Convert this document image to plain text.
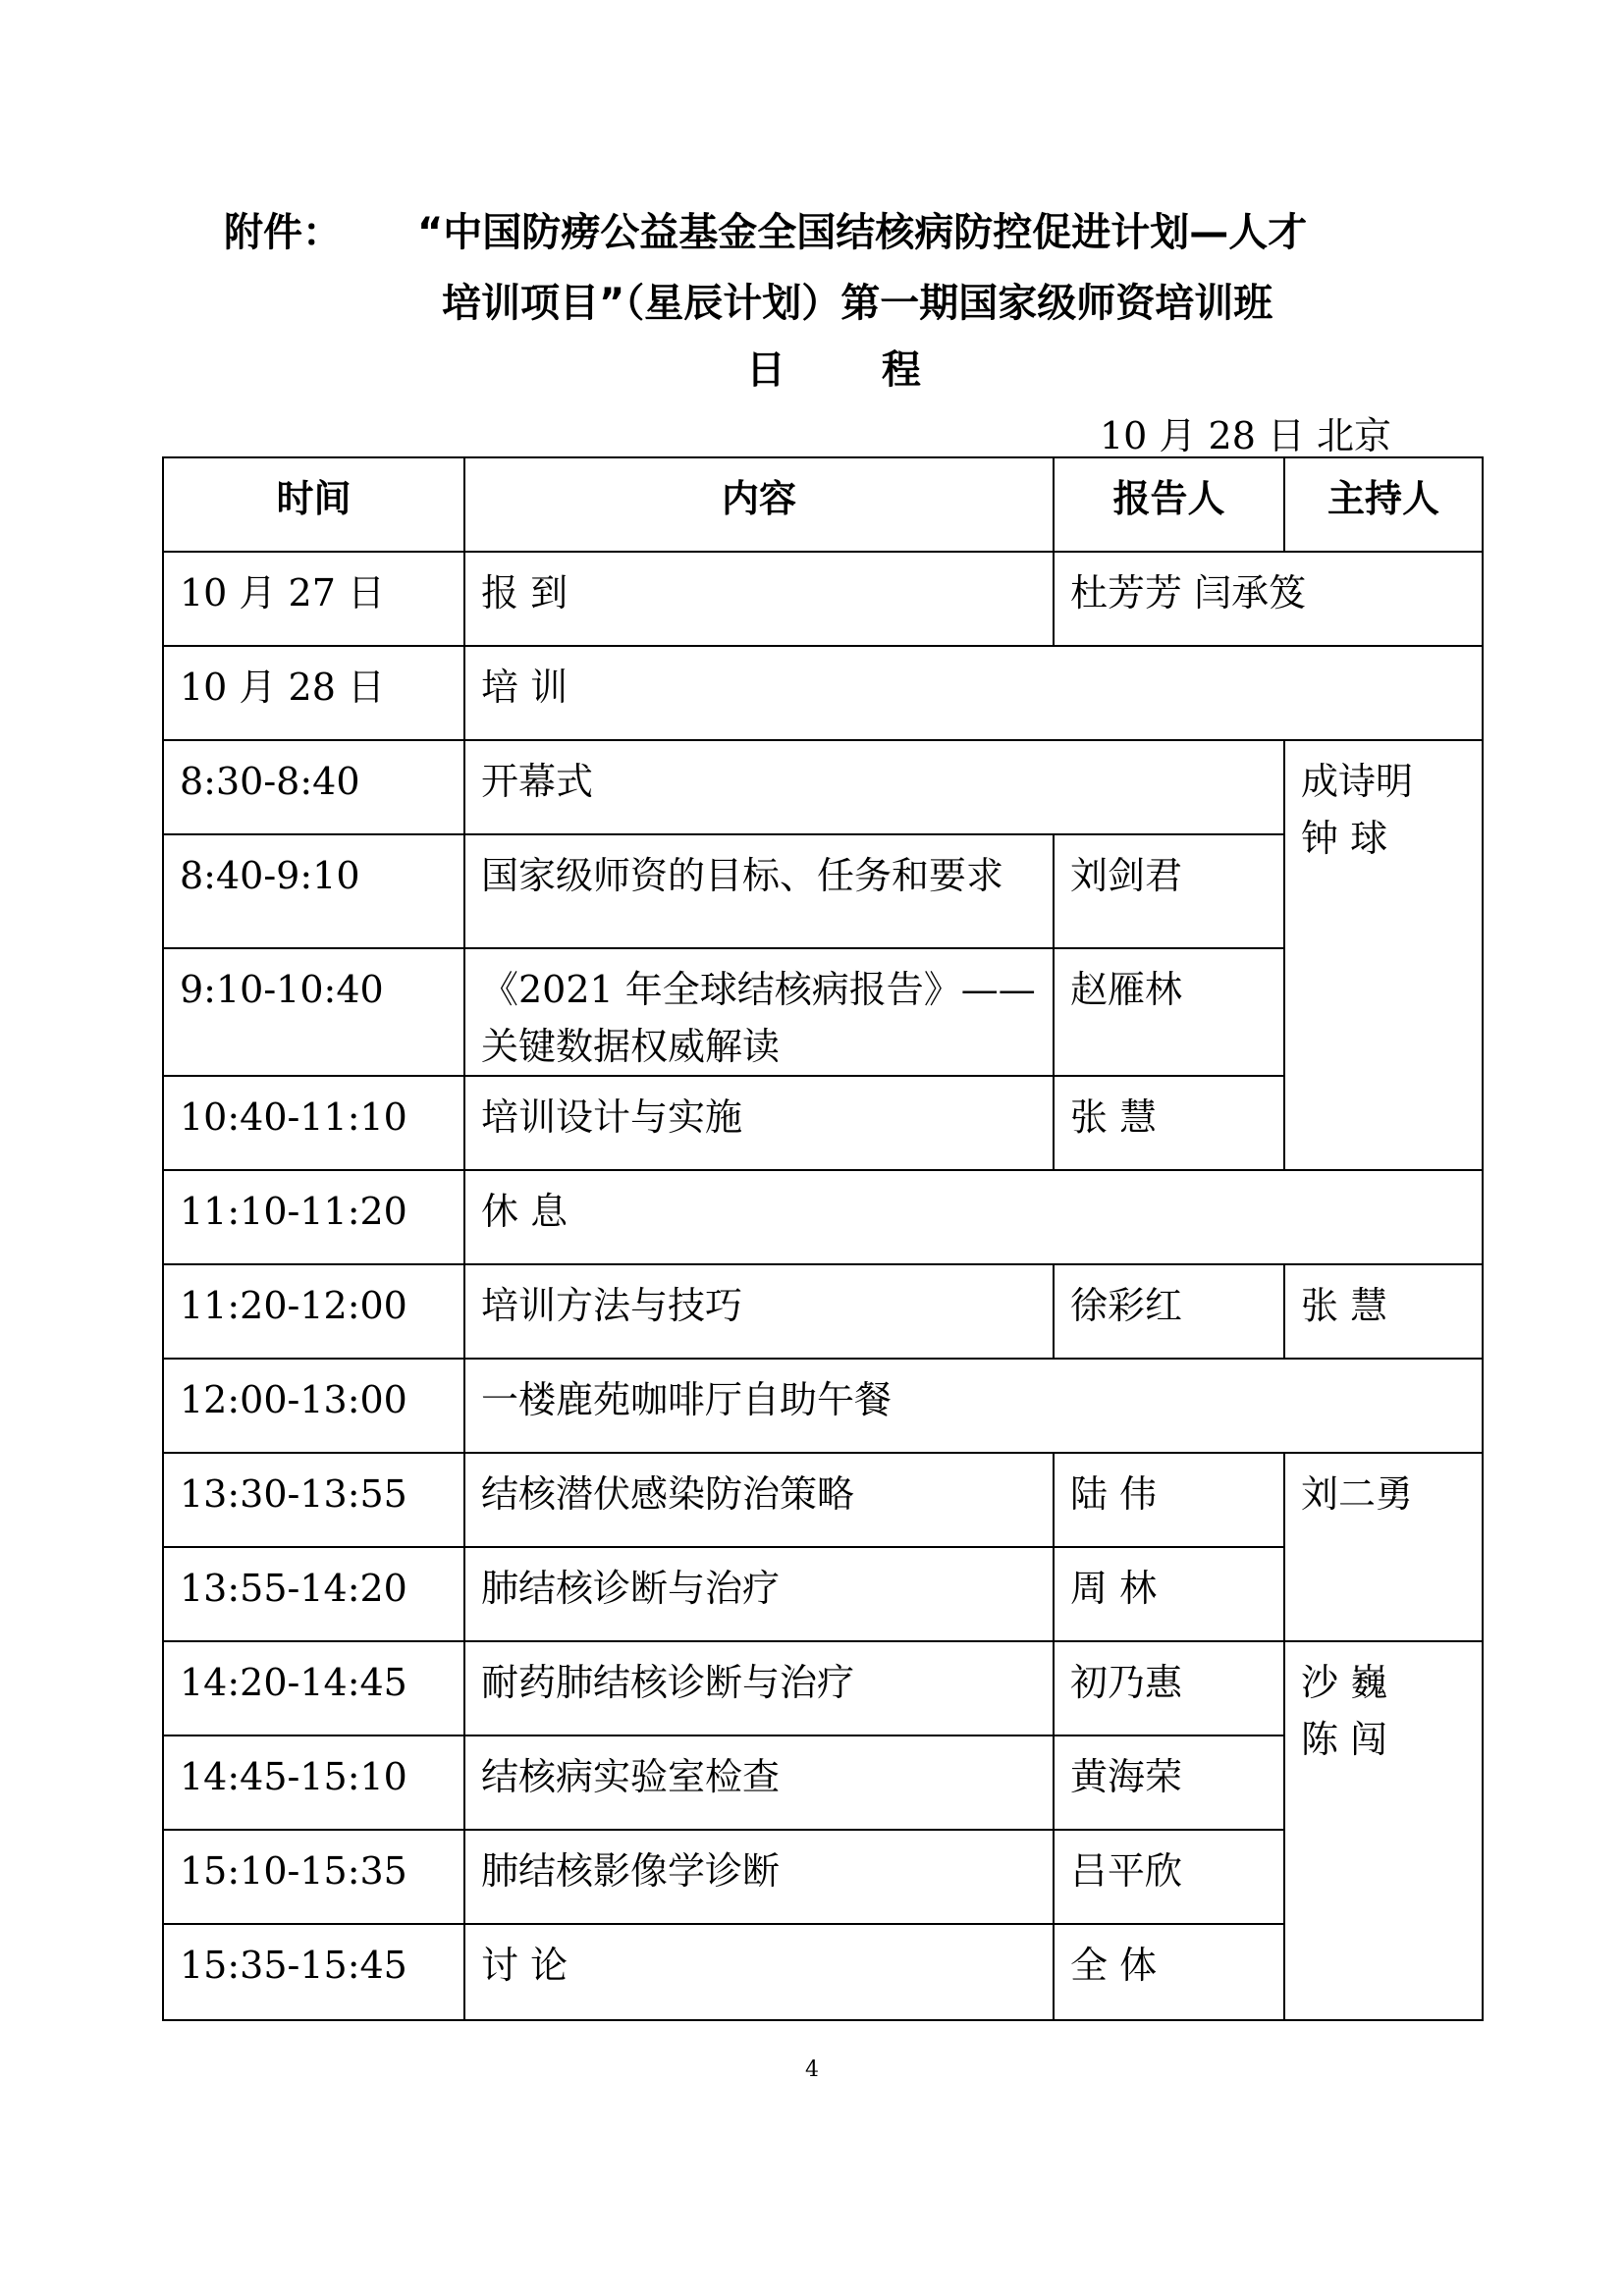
附件： “中国防痨公益基金全国结核病防控促进计划—人才
培训项目”（星辰计划）第一期国家级师资培训班
日 程
10 月 28 日 北京
时间	内容	报告人	主持人
10 月 27 日	报 到	杜芳芳 闫承笈	
10 月 28 日	培 训		
8:30-8:40	开幕式		成诗明
钟 球

8:40-9:10	国家级师资的目标、任务和要求	刘剑君	
9:10-10:40	《2021 年全球结核病报告》——关键数据权威解读	赵雁林	
10:40-11:10	培训设计与实施	张 慧	
11:10-11:20	休 息		
11:20-12:00	培训方法与技巧	徐彩红	张 慧
12:00-13:00	一楼鹿苑咖啡厅自助午餐		
13:30-13:55	结核潜伏感染防治策略	陆 伟	刘二勇

13:55-14:20	肺结核诊断与治疗	周 林	
14:20-14:45	耐药肺结核诊断与治疗	初乃惠	沙 巍
陈 闯

14:45-15:10	结核病实验室检查	黄海荣	
15:10-15:35	肺结核影像学诊断	吕平欣	
15:35-15:45	讨 论	全 体	
4
